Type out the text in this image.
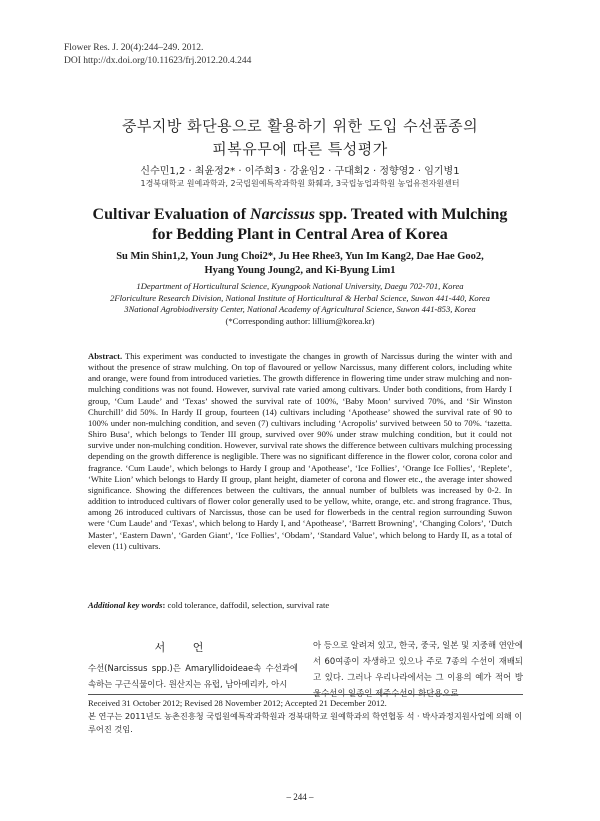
Flower Res. J. 20(4):244–249. 2012.
DOI http://dx.doi.org/10.11623/frj.2012.20.4.244
중부지방 화단용으로 활용하기 위한 도입 수선품종의
피복유무에 따른 특성평가
신수민1,2 · 최윤정2* · 이주희3 · 강윤임2 · 구대회2 · 정향영2 · 임기병1
1경북대학교 원예과학과, 2국립원예특작과학원 화훼과, 3국립농업과학원 농업유전자원센터
Cultivar Evaluation of Narcissus spp. Treated with Mulching
for Bedding Plant in Central Area of Korea
Su Min Shin1,2, Youn Jung Choi2*, Ju Hee Rhee3, Yun Im Kang2, Dae Hae Goo2,
Hyang Young Joung2, and Ki-Byung Lim1
1Department of Horticultural Science, Kyungpook National University, Daegu 702-701, Korea
2Floriculture Research Division, National Institute of Horticultural & Herbal Science, Suwon 441-440, Korea
3National Agrobiodiversity Center, National Academy of Agricultural Science, Suwon 441-853, Korea
(*Corresponding author: lillium@korea.kr)
Abstract. This experiment was conducted to investigate the changes in growth of Narcissus during the winter with and without the presence of straw mulching. On top of flavoured or yellow Narcissus, many different colors, including white and orange, were found from introduced varieties. The growth difference in flowering time under straw mulching and non-mulching conditions was not found. However, survival rate varied among cultivars. Under both conditions, from Hardy I group, ‘Cum Laude’ and ‘Texas’ showed the survival rate of 100%, ‘Baby Moon’ survived 70%, and ‘Sir Winston Churchill’ did 50%. In Hardy II group, fourteen (14) cultivars including ‘Apothease’ showed the survival rate of 90 to 100% under non-mulching condition, and seven (7) cultivars including ‘Acropolis’ survived between 50 to 70%. ‘tazetta. Shiro Busa’, which belongs to Tender III group, survived over 90% under straw mulching condition, but it could not survive under non-mulching condition. However, survival rate shows the difference between cultivars mulching processing depending on the growth difference is negligible. There was no significant difference in the flower color, corona color and fragrance. ‘Cum Laude’, which belongs to Hardy I group and ‘Apothease’, ‘Ice Follies’, ‘Orange Ice Follies’, ‘Replete’, ‘White Lion’ which belongs to Hardy II group, plant height, diameter of corona and flower etc., the average inter showed significance. Showing the differences between the cultivars, the annual number of bulblets was increased by 0-2. In addition to introduced cultivars of flower color generally used to be yellow, white, orange, etc. and strong fragrance. Thus, among 26 introduced cultivars of Narcissus, those can be used for flowerbeds in the central region surrounding Suwon were ‘Cum Laude’ and ‘Texas’, which belong to Hardy I, and ‘Apothease’, ‘Barrett Browning’, ‘Changing Colors’, ‘Dutch Master’, ‘Eastern Dawn’, ‘Garden Giant’, ‘Ice Follies’, ‘Obdam’, ‘Standard Value’, which belong to Hardy II, as a total of eleven (11) cultivars.
Additional key words: cold tolerance, daffodil, selection, survival rate
서 언
수선(Narcissus spp.)은 Amaryllidoideae속 수선과에 속하는 구근식물이다. 원산지는 유럽, 남아메리카, 아시
아 등으로 알려져 있고, 한국, 중국, 일본 및 지중해 연안에서 60여종이 자생하고 있으나 주로 7종의 수선이 재배되고 있다. 그러나 우리나라에서는 그 이용의 예가 적어 방울수선의 일종인 제주수선이 화단용으로
Received 31 October 2012; Revised 28 November 2012; Accepted 21 December 2012.
본 연구는 2011년도 농촌진흥청 국립원예특작과학원과 경북대학교 원예학과의 학연협동 석 · 박사과정지원사업에 의해 이루어진 것임.
– 244 –
